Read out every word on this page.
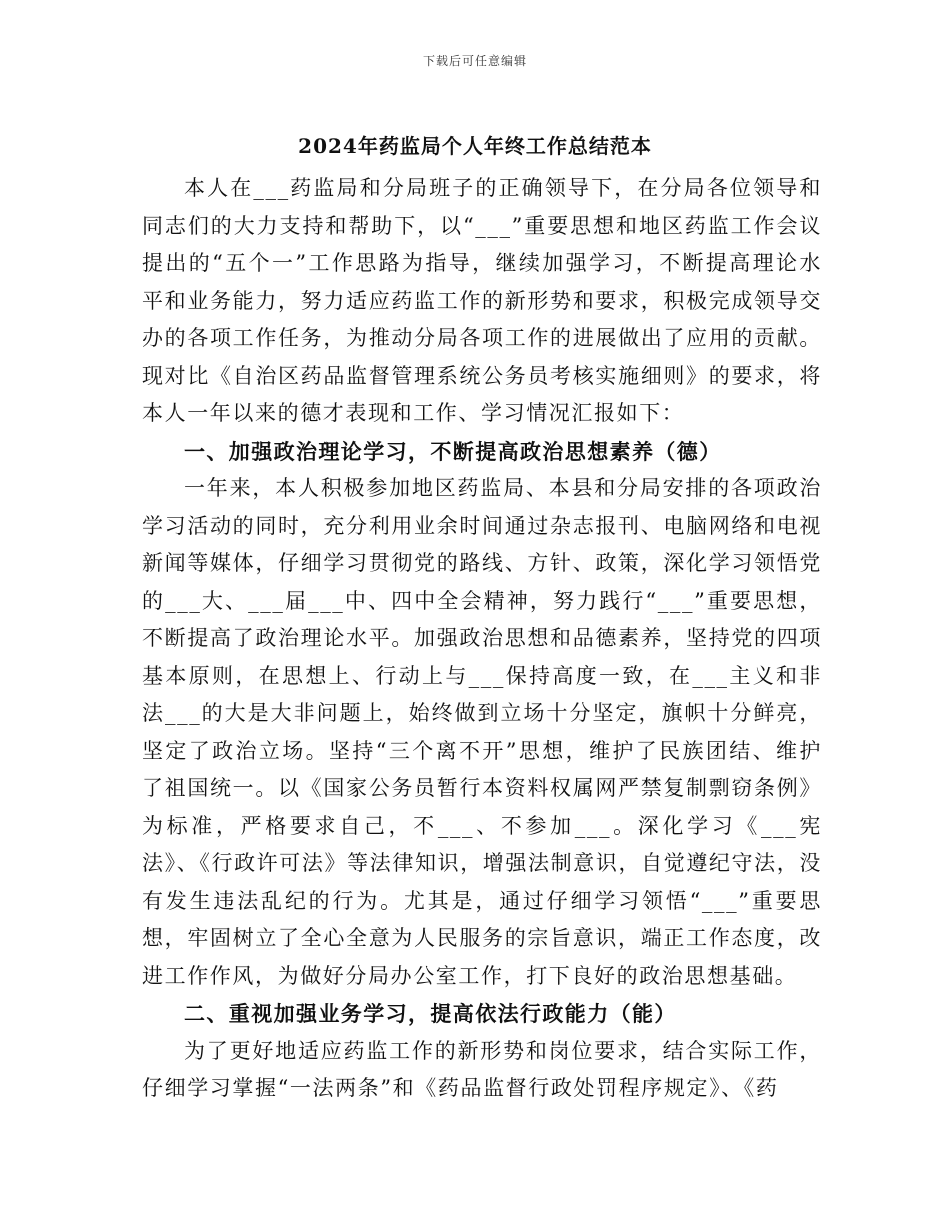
下载后可任意编辑
2024年药监局个人年终工作总结范本

本人在___药监局和分局班子的正确领导下，在分局各位领导和同志们的大力支持和帮助下，以“___”重要思想和地区药监工作会议提出的“五个一”工作思路为指导，继续加强学习，不断提高理论水平和业务能力，努力适应药监工作的新形势和要求，积极完成领导交办的各项工作任务，为推动分局各项工作的进展做出了应用的贡献。现对比《自治区药品监督管理系统公务员考核实施细则》的要求，将本人一年以来的德才表现和工作、学习情况汇报如下：

一、加强政治理论学习，不断提高政治思想素养（德）

一年来，本人积极参加地区药监局、本县和分局安排的各项政治学习活动的同时，充分利用业余时间通过杂志报刊、电脑网络和电视新闻等媒体，仔细学习贯彻党的路线、方针、政策，深化学习领悟党的___大、___届___中、四中全会精神，努力践行“___”重要思想，不断提高了政治理论水平。加强政治思想和品德素养，坚持党的四项基本原则，在思想上、行动上与___保持高度一致，在___主义和非法___的大是大非问题上，始终做到立场十分坚定，旗帜十分鲜亮，坚定了政治立场。坚持“三个离不开”思想，维护了民族团结、维护了祖国统一。以《国家公务员暂行本资料权属网严禁复制剽窃条例》为标准，严格要求自己，不___、不参加___。深化学习《___宪法》、《行政许可法》等法律知识，增强法制意识，自觉遵纪守法，没有发生违法乱纪的行为。尤其是，通过仔细学习领悟“___”重要思想，牢固树立了全心全意为人民服务的宗旨意识，端正工作态度，改进工作作风，为做好分局办公室工作，打下良好的政治思想基础。

二、重视加强业务学习，提高依法行政能力（能）

为了更好地适应药监工作的新形势和岗位要求，结合实际工作，仔细学习掌握“一法两条”和《药品监督行政处罚程序规定》、《药
